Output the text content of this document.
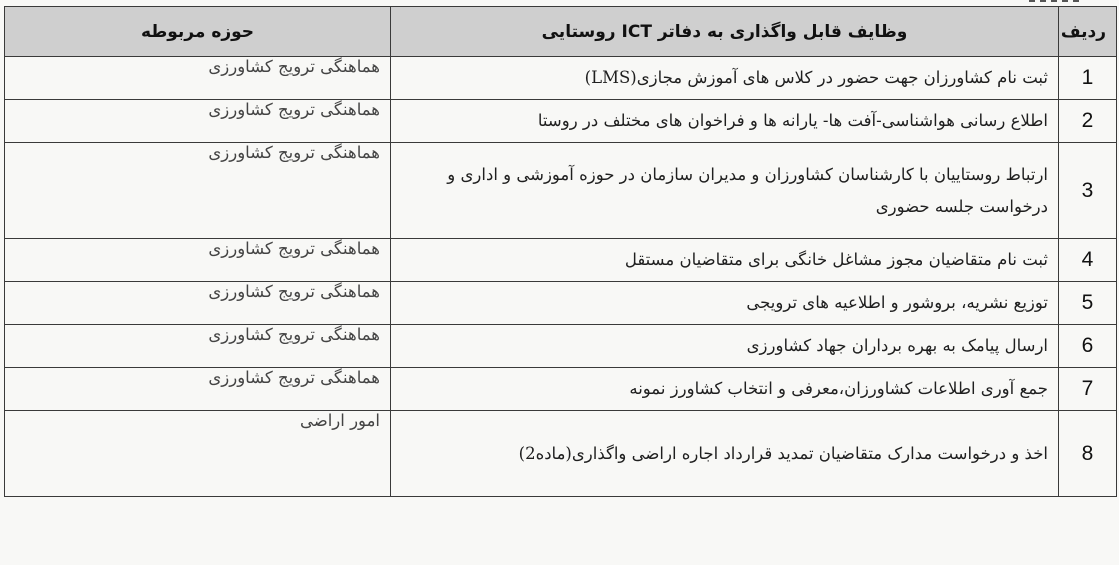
ردیف	وظایف قابل واگذاری به دفاتر ICT روستایی	حوزه مربوطه
1	ثبت نام کشاورزان جهت حضور در کلاس های آموزش مجازی(LMS)	هماهنگی ترویج کشاورزی
2	اطلاع رسانی هواشناسی-آفت ها- یارانه ها و فراخوان های مختلف در روستا	هماهنگی ترویج کشاورزی
3	ارتباط روستاییان با کارشناسان کشاورزان و مدیران سازمان در حوزه آموزشی و اداری و درخواست جلسه حضوری	هماهنگی ترویج کشاورزی
4	ثبت نام متقاضیان مجوز مشاغل خانگی برای متقاضیان مستقل	هماهنگی ترویج کشاورزی
5	توزیع نشریه، بروشور و اطلاعیه های ترویجی	هماهنگی ترویج کشاورزی
6	ارسال پیامک به بهره برداران جهاد کشاورزی	هماهنگی ترویج کشاورزی
7	جمع آوری اطلاعات کشاورزان،معرفی و انتخاب کشاورز نمونه	هماهنگی ترویج کشاورزی
8	اخذ و درخواست مدارک متقاضیان تمدید قرارداد اجاره اراضی واگذاری(ماده2)	امور اراضی
